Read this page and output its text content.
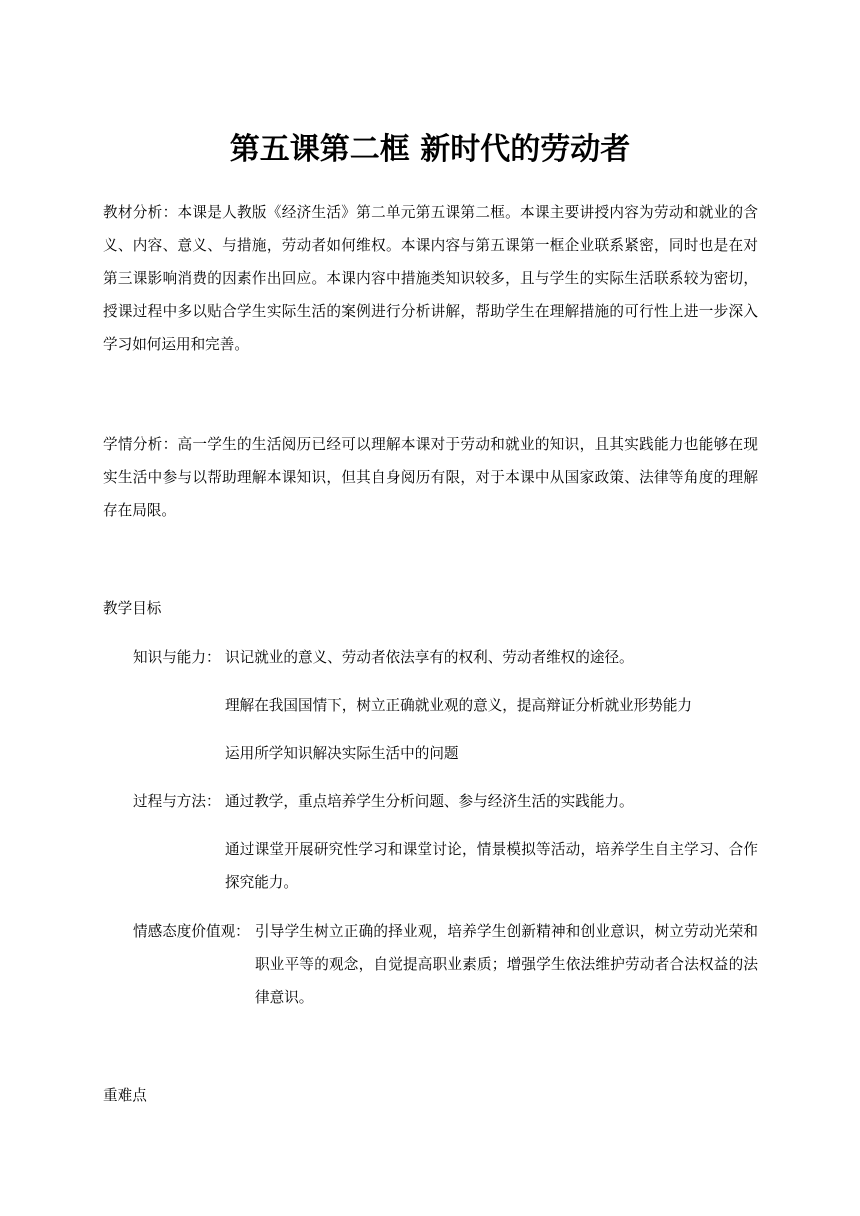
第五课第二框 新时代的劳动者
教材分析：本课是人教版《经济生活》第二单元第五课第二框。本课主要讲授内容为劳动和就业的含义、内容、意义、与措施，劳动者如何维权。本课内容与第五课第一框企业联系紧密，同时也是在对第三课影响消费的因素作出回应。本课内容中措施类知识较多，且与学生的实际生活联系较为密切，授课过程中多以贴合学生实际生活的案例进行分析讲解，帮助学生在理解措施的可行性上进一步深入学习如何运用和完善。
学情分析：高一学生的生活阅历已经可以理解本课对于劳动和就业的知识，且其实践能力也能够在现实生活中参与以帮助理解本课知识，但其自身阅历有限，对于本课中从国家政策、法律等角度的理解存在局限。
教学目标
知识与能力： 识记就业的意义、劳动者依法享有的权利、劳动者维权的途径。
理解在我国国情下，树立正确就业观的意义，提高辩证分析就业形势能力
运用所学知识解决实际生活中的问题
过程与方法： 通过教学，重点培养学生分析问题、参与经济生活的实践能力。
通过课堂开展研究性学习和课堂讨论，情景模拟等活动，培养学生自主学习、合作探究能力。
情感态度价值观： 引导学生树立正确的择业观，培养学生创新精神和创业意识，树立劳动光荣和职业平等的观念，自觉提高职业素质；增强学生依法维护劳动者合法权益的法律意识。
重难点
